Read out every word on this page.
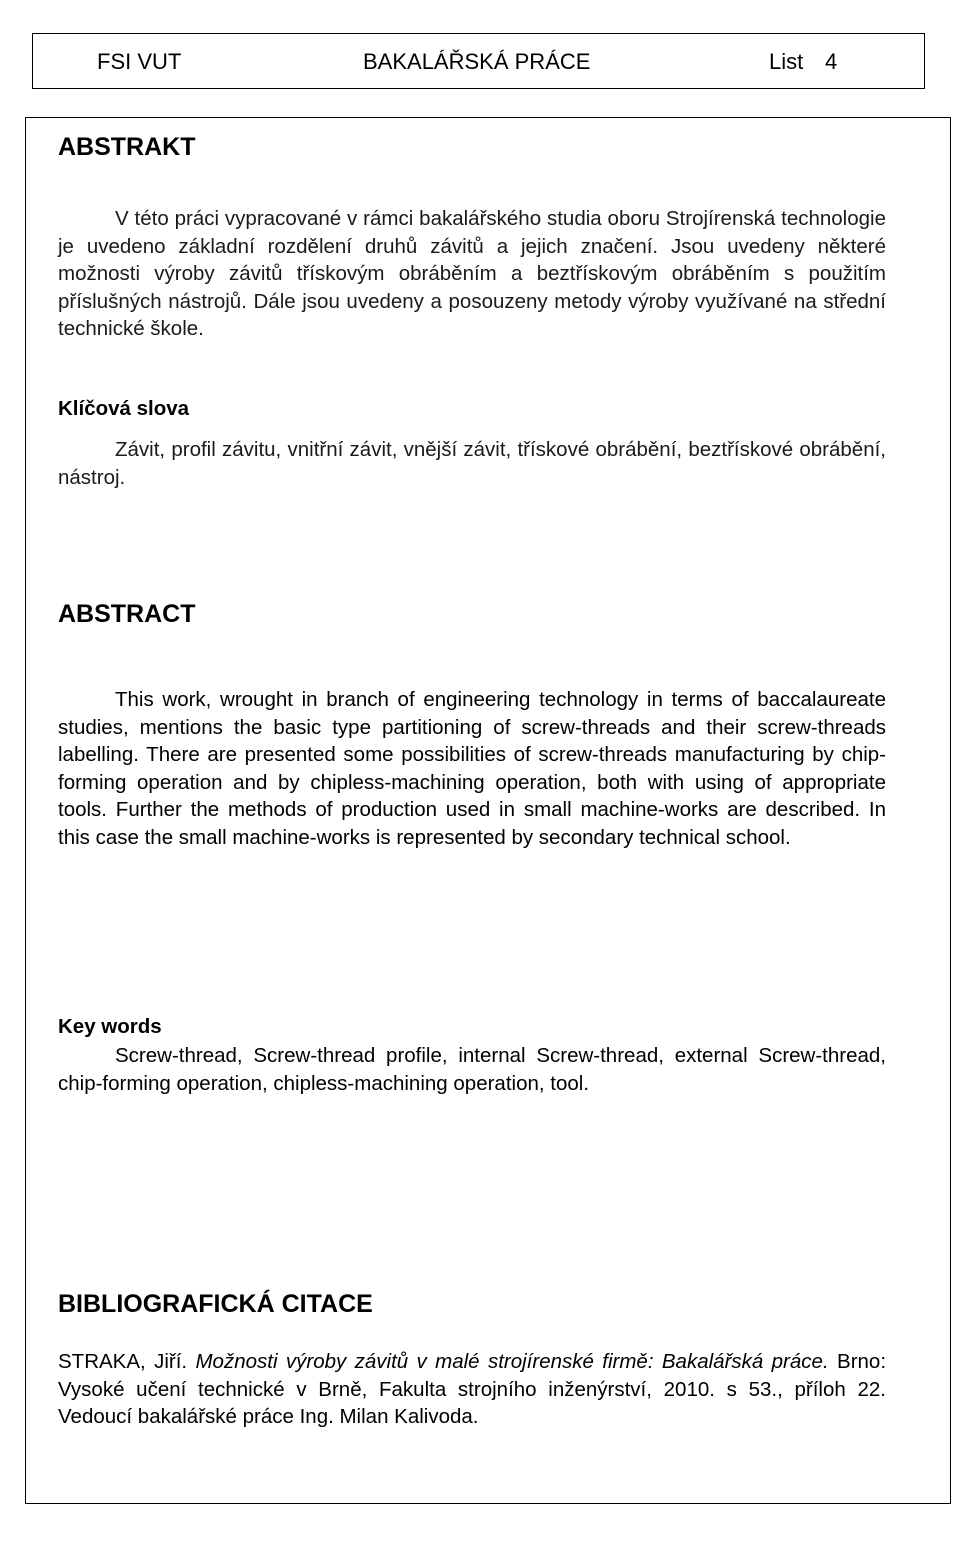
FSI VUT	BAKALÁŘSKÁ PRÁCE	List 4
ABSTRAKT
V této práci vypracované v rámci bakalářského studia oboru Strojírenská technologie je uvedeno základní rozdělení druhů závitů a jejich značení. Jsou uvedeny některé možnosti výroby závitů třískovým obráběním a beztřískovým obráběním s použitím příslušných nástrojů. Dále jsou uvedeny a posouzeny metody výroby využívané na střední technické škole.
Klíčová slova
Závit, profil závitu, vnitřní závit, vnější závit, třískové obrábění, beztřískové obrábění, nástroj.
ABSTRACT
This work, wrought in branch of engineering technology in terms of baccalaureate studies, mentions the basic type partitioning of screw-threads and their screw-threads labelling. There are presented some possibilities of screw-threads manufacturing by chip-forming operation and by chipless-machining operation, both with using of appropriate tools. Further the methods of production used in small machine-works are described. In this case the small machine-works is represented by secondary technical school.
Key words
Screw-thread, Screw-thread profile, internal Screw-thread, external Screw-thread, chip-forming operation, chipless-machining operation, tool.
BIBLIOGRAFICKÁ CITACE
STRAKA, Jiří. Možnosti výroby závitů v malé strojírenské firmě: Bakalářská práce. Brno: Vysoké učení technické v Brně, Fakulta strojního inženýrství, 2010. s 53., příloh 22. Vedoucí bakalářské práce Ing. Milan Kalivoda.
